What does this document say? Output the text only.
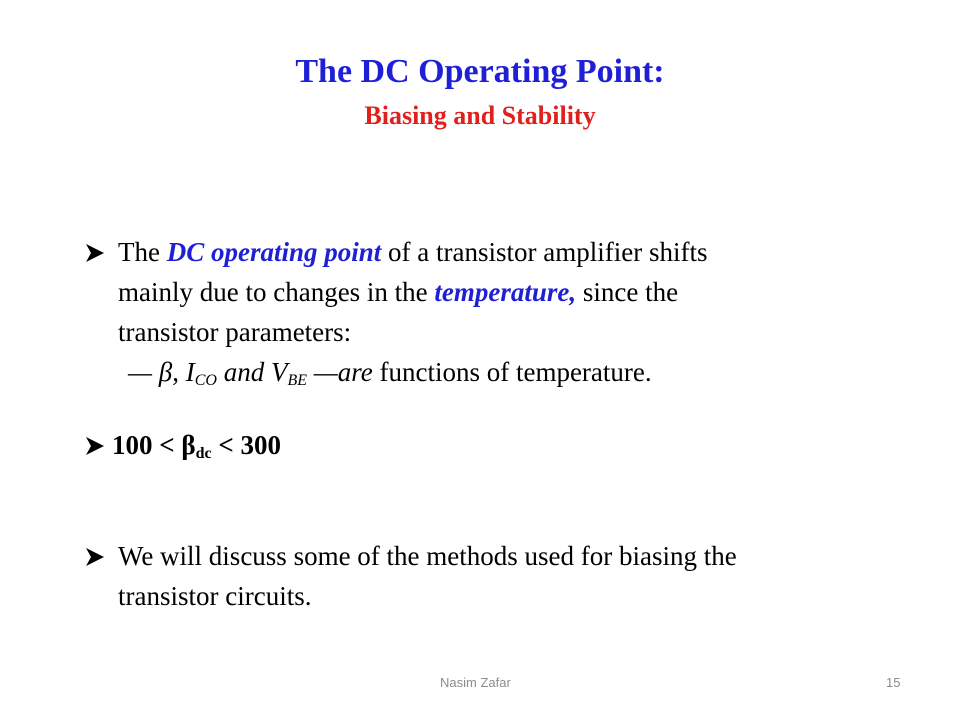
The DC Operating Point:
Biasing and Stability
The DC operating point of a transistor amplifier shifts
mainly due to changes in the temperature, since the
transistor parameters:
— β, $I_{CO}$ and $V_{BE}$ —are functions of temperature.
$100 < \beta_{dc} < 300$
We will discuss some of the methods used for biasing the
transistor circuits.
Nasim Zafar	15
